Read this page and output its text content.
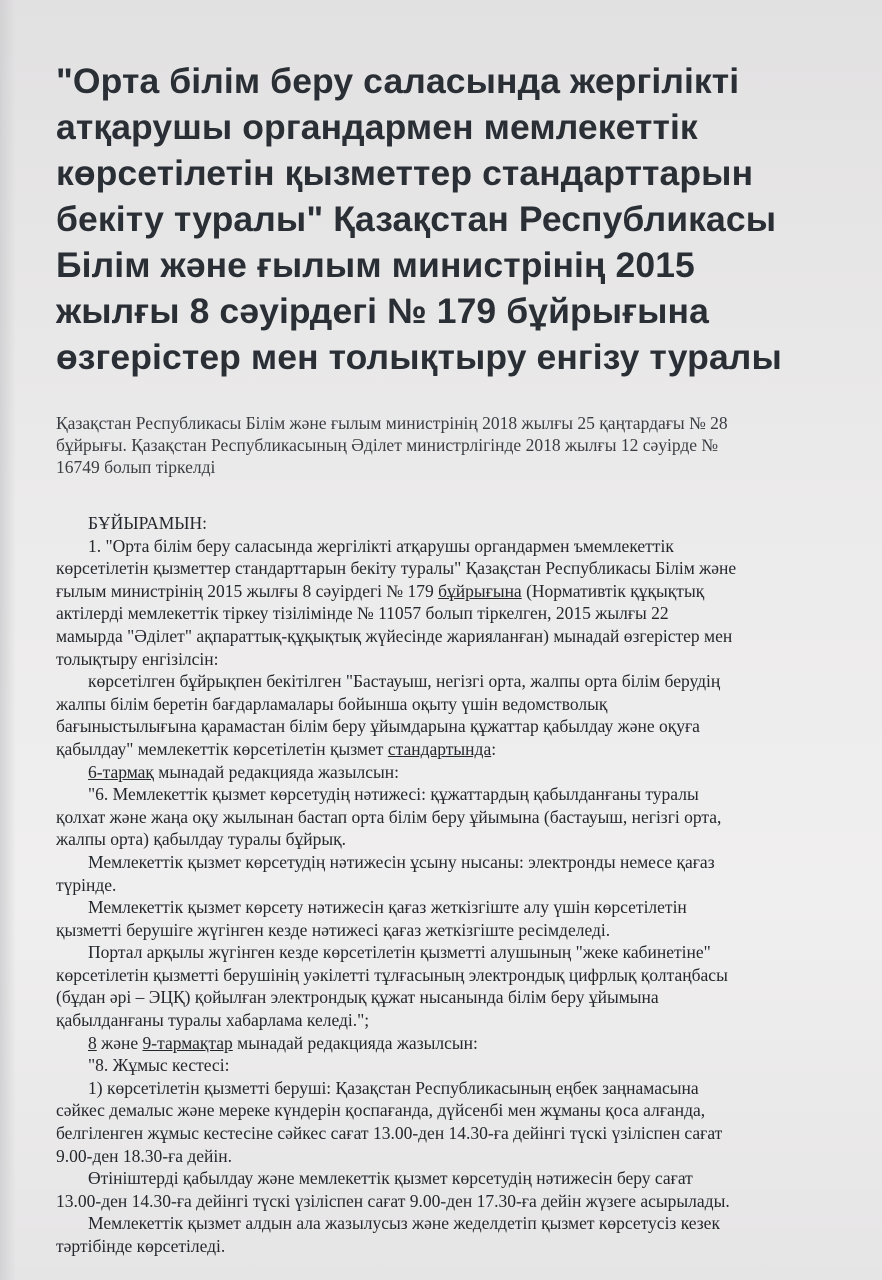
"Орта білім беру саласында жергілікті
атқарушы органдармен мемлекеттік
көрсетілетін қызметтер стандарттарын
бекіту туралы" Қазақстан Республикасы
Білім және ғылым министрінің 2015
жылғы 8 сәуірдегі № 179 бұйрығына
өзгерістер мен толықтыру енгізу туралы
Қазақстан Республикасы Білім және ғылым министрінің 2018 жылғы 25 қаңтардағы № 28
бұйрығы. Қазақстан Республикасының Әділет министрлігінде 2018 жылғы 12 сәуірде №
16749 болып тіркелді
БҰЙЫРАМЫН:
1. "Орта білім беру саласында жергілікті атқарушы органдармен ъмемлекеттік
көрсетілетін қызметтер стандарттарын бекіту туралы" Қазақстан Республикасы Білім және
ғылым министрінің 2015 жылғы 8 сәуірдегі № 179 бұйрығына (Нормативтік құқықтық
актілерді мемлекеттік тіркеу тізілімінде № 11057 болып тіркелген, 2015 жылғы 22
мамырда "Әділет" ақпараттық-құқықтық жүйесінде жарияланған) мынадай өзгерістер мен
толықтыру енгізілсін:
көрсетілген бұйрықпен бекітілген "Бастауыш, негізгі орта, жалпы орта білім берудің
жалпы білім беретін бағдарламалары бойынша оқыту үшін ведомстволық
бағыныстылығына қарамастан білім беру ұйымдарына құжаттар қабылдау және оқуға
қабылдау" мемлекеттік көрсетілетін қызмет стандартында:
6-тармақ мынадай редакцияда жазылсын:
"6. Мемлекеттік қызмет көрсетудің нәтижесі: құжаттардың қабылданғаны туралы
қолхат және жаңа оқу жылынан бастап орта білім беру ұйымына (бастауыш, негізгі орта,
жалпы орта) қабылдау туралы бұйрық.
Мемлекеттік қызмет көрсетудің нәтижесін ұсыну нысаны: электронды немесе қағаз
түрінде.
Мемлекеттік қызмет көрсету нәтижесін қағаз жеткізгіште алу үшін көрсетілетін
қызметті берушіге жүгінген кезде нәтижесі қағаз жеткізгіште ресімделеді.
Портал арқылы жүгінген кезде көрсетілетін қызметті алушының "жеке кабинетіне"
көрсетілетін қызметті берушінің уәкілетті тұлғасының электрондық цифрлық қолтаңбасы
(бұдан әрі – ЭЦҚ) қойылған электрондық құжат нысанында білім беру ұйымына
қабылданғаны туралы хабарлама келеді.";
8 және 9-тармақтар мынадай редакцияда жазылсын:
"8. Жұмыс кестесі:
1) көрсетілетін қызметті беруші: Қазақстан Республикасының еңбек заңнамасына
сәйкес демалыс және мереке күндерін қоспағанда, дүйсенбі мен жұманы қоса алғанда,
белгіленген жұмыс кестесіне сәйкес сағат 13.00-ден 14.30-ға дейінгі түскі үзіліспен сағат
9.00-ден 18.30-ға дейін.
Өтініштерді қабылдау және мемлекеттік қызмет көрсетудің нәтижесін беру сағат
13.00-ден 14.30-ға дейінгі түскі үзіліспен сағат 9.00-ден 17.30-ға дейін жүзеге асырылады.
Мемлекеттік қызмет алдын ала жазылусыз және жеделдетіп қызмет көрсетусіз кезек
тәртібінде көрсетіледі.
